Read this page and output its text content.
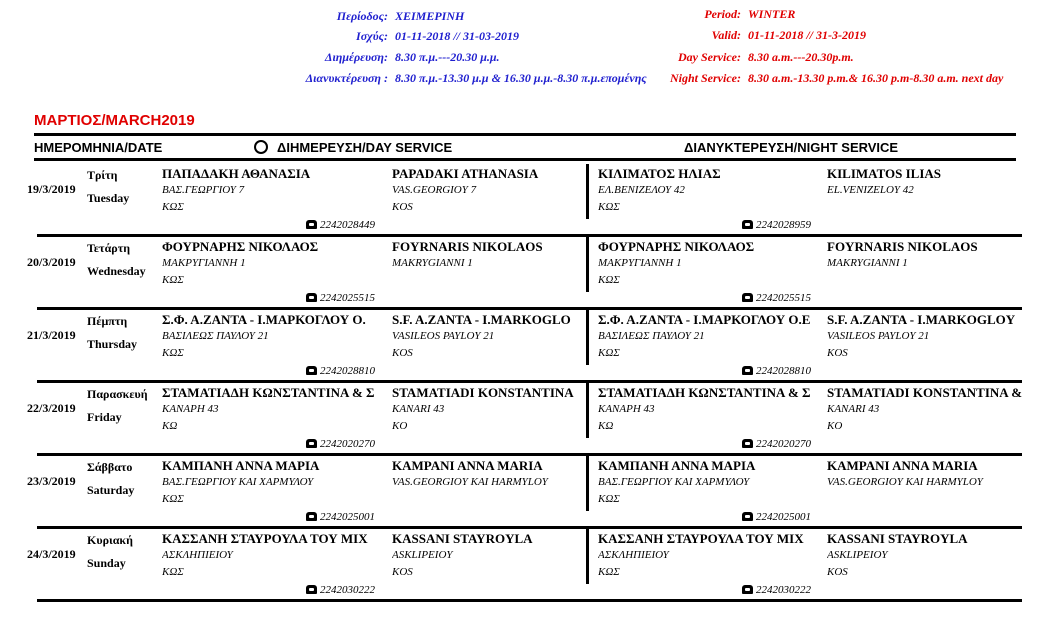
Περίοδος: ΧΕΙΜΕΡΙΝΗ
Ισχύς: 01-11-2018 // 31-03-2019
Διημέρευση: 8.30 π.μ.---20.30 μ.μ.
Διανυκτέρευση : 8.30 π.μ.-13.30 μ.μ & 16.30 μ.μ.-8.30 π.μ.επομένης
Period: WINTER
Valid: 01-11-2018 // 31-3-2019
Day Service: 8.30 a.m.---20.30p.m.
Night Service: 8.30 a.m.-13.30 p.m.& 16.30 p.m-8.30 a.m. next day
ΜΑΡΤΙΟΣ/MARCH2019
ΗΜΕΡΟΜΗΝΙΑ/DATE	ΔΙΗΜΕΡΕΥΣΗ/DAY SERVICE	ΔΙΑΝΥΚΤΕΡΕΥΣΗ/NIGHT SERVICE
19/3/2019
Τρίτη
Tuesday
ΠΑΠΑΔΑΚΗ ΑΘΑΝΑΣΙΑ
ΒΑΣ.ΓΕΩΡΓΙΟΥ 7
ΚΩΣ
PAPADAKI ATHANASIA
VAS.GEORGIOY 7
KOS
2242028449
ΚΙΛΙΜΑΤΟΣ ΗΛΙΑΣ
ΕΛ.ΒΕΝΙΖΕΛΟΥ 42
ΚΩΣ
KILIMATOS ILIAS
EL.VENIZELOY 42
2242028959
20/3/2019
Τετάρτη
Wednesday
ΦΟΥΡΝΑΡΗΣ ΝΙΚΟΛΑΟΣ
ΜΑΚΡΥΓΙΑΝΝΗ 1
ΚΩΣ
FOYRNARIS NIKOLAOS
MAKRYGIANNI 1
2242025515
ΦΟΥΡΝΑΡΗΣ ΝΙΚΟΛΑΟΣ
ΜΑΚΡΥΓΙΑΝΝΗ 1
ΚΩΣ
FOYRNARIS NIKOLAOS
MAKRYGIANNI 1
2242025515
21/3/2019
Πέμπτη
Thursday
Σ.Φ. Α.ΖΑΝΤΑ - Ι.ΜΑΡΚΟΓΛΟΥ Ο.
ΒΑΣΙΛΕΩΣ ΠΑΥΛΟΥ 21
ΚΩΣ
S.F. A.ZANTA - I.MARKOGLO
VASILEOS PAYLOY 21
KOS
2242028810
Σ.Φ. Α.ΖΑΝΤΑ - Ι.ΜΑΡΚΟΓΛΟΥ Ο.Ε
ΒΑΣΙΛΕΩΣ ΠΑΥΛΟΥ 21
ΚΩΣ
S.F. A.ZANTA - I.MARKOGLOY
VASILEOS PAYLOY 21
KOS
2242028810
22/3/2019
Παρασκευή
Friday
ΣΤΑΜΑΤΙΑΔΗ ΚΩΝΣΤΑΝΤΙΝΑ & Σ
ΚΑΝΑΡΗ 43
ΚΩ
STAMATIADI KONSTANTINA
KANARI 43
KO
2242020270
ΣΤΑΜΑΤΙΑΔΗ ΚΩΝΣΤΑΝΤΙΝΑ & Σ
ΚΑΝΑΡΗ 43
ΚΩ
STAMATIADI KONSTANTINA &
KANARI 43
KO
2242020270
23/3/2019
Σάββατο
Saturday
ΚΑΜΠΑΝΗ ΑΝΝΑ ΜΑΡΙΑ
ΒΑΣ.ΓΕΩΡΓΙΟΥ ΚΑΙ ΧΑΡΜΥΛΟΥ
ΚΩΣ
KAMPANI ANNA MARIA
VAS.GEORGIOY KAI HARMYLOY
2242025001
ΚΑΜΠΑΝΗ ΑΝΝΑ ΜΑΡΙΑ
ΒΑΣ.ΓΕΩΡΓΙΟΥ ΚΑΙ ΧΑΡΜΥΛΟΥ
ΚΩΣ
KAMPANI ANNA MARIA
VAS.GEORGIOY KAI HARMYLOY
2242025001
24/3/2019
Κυριακή
Sunday
ΚΑΣΣΑΝΗ ΣΤΑΥΡΟΥΛΑ ΤΟΥ ΜΙΧ
ΑΣΚΛΗΠΙΕΙΟΥ
ΚΩΣ
KASSANI STAYROYLA
ASKLIPEIOY
KOS
2242030222
ΚΑΣΣΑΝΗ ΣΤΑΥΡΟΥΛΑ ΤΟΥ ΜΙΧ
ΑΣΚΛΗΠΙΕΙΟΥ
ΚΩΣ
KASSANI STAYROYLA
ASKLIPEIOY
KOS
2242030222
